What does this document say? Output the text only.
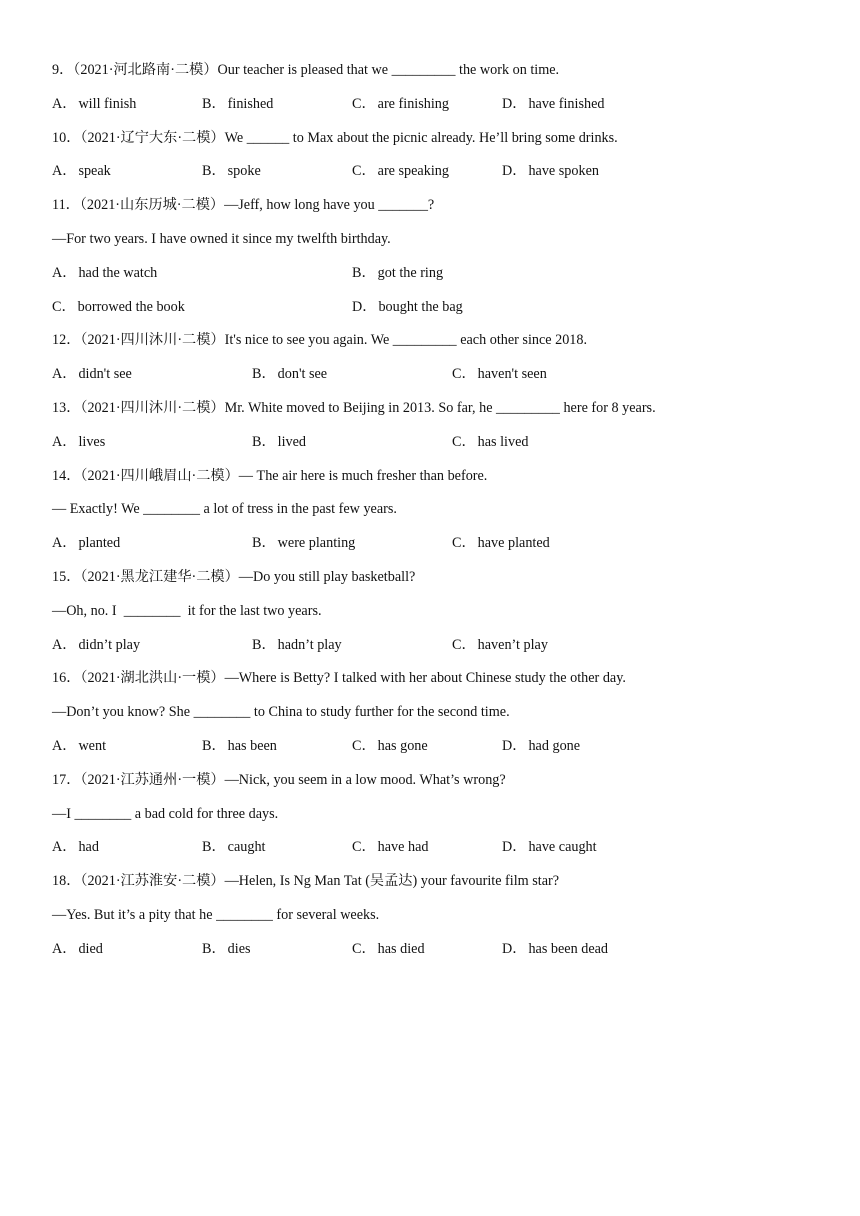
9．（2021·河北路南·二模）Our teacher is pleased that we _________ the work on time.
A． will finish	B． finished	C． are finishing	D． have finished
10．（2021·辽宁大东·二模）We ______ to Max about the picnic already. He’ll bring some drinks.
A． speak	B． spoke	C． are speaking	D． have spoken
11．（2021·山东历城·二模）—Jeff, how long have you _______?
—For two years. I have owned it since my twelfth birthday.
A． had the watch	B． got the ring
C． borrowed the book	D． bought the bag
12．（2021·四川沐川·二模）It's nice to see you again. We _________ each other since 2018.
A． didn't see	B． don't see	C． haven't seen
13．（2021·四川沐川·二模）Mr. White moved to Beijing in 2013. So far, he _________ here for 8 years.
A． lives	B． lived	C． has lived
14．（2021·四川峨眉山·二模）— The air here is much fresher than before.
— Exactly! We ________ a lot of tress in the past few years.
A． planted	B． were planting	C． have planted
15．（2021·黑龙江建华·二模）—Do you still play basketball?
—Oh, no. I  ________  it for the last two years.
A． didn’t play	B． hadn’t play	C． haven’t play
16．（2021·湖北洪山·一模）—Where is Betty? I talked with her about Chinese study the other day.
—Don’t you know? She ________ to China to study further for the second time.
A． went	B． has been	C． has gone	D． had gone
17．（2021·江苏通州·一模）—Nick, you seem in a low mood. What’s wrong?
—I ________ a bad cold for three days.
A． had	B． caught	C． have had	D． have caught
18．（2021·江苏淮安·二模）—Helen, Is Ng Man Tat (吴孟达) your favourite film star?
—Yes. But it’s a pity that he ________ for several weeks.
A． died	B． dies	C． has died	D． has been dead
